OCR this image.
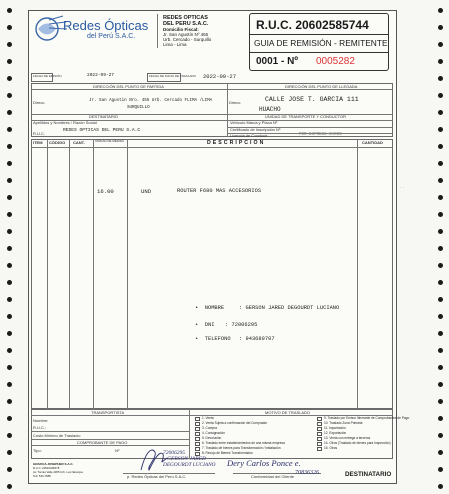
Redes Ópticas
del Perú S.A.C.
REDES OPTICAS
DEL PERU S.A.C.
Domicilio Fiscal:
Jr. San Agustín Nº 455
Urb. Cercado - Surquillo
Lima - Lima
R.U.C. 20602585744
GUIA DE REMISIÓN - REMITENTE
0001 - Nº 0005282
FECHA DE EMISIÓN	2022-09-27	FECHA DE INICIO DE TRASLADO 2022-09-27
DIRECCIÓN DEL PUNTO DE PARTIDA	DIRECCIÓN DEL PUNTO DE LLEGADA
Direcc.	Jr. San Agustin Nro. 455 Urb. Cercado FLIMA /LIMA
SURQUILLO
Direcc.	CALLE JOSE T. GARCIA 111
HUACHO
DESTINATARIO	UNIDAD DE TRANSPORTE Y CONDUCTOR
Apellidos y Nombres / Razón Social
R.U.C.
REDES OPTICAS DEL PERU S.A.C
Vehículo Marca y Placa Nº
Certificado de Inscripción Nº
Licencia de Conducir	POR EXPRESS CARGO
ITEM CÓDIGO CANT.	UNIDAD DE MEDIDA	D E S C R I P C I Ó N	CANTIDAD
16.00	UND	ROUTER F680 MAS ACCESORIOS
•  NOMBRE	: GERSON JARED DEGOURDT LUCIANO
•  DNI : 72006295
•  TELEFONO : 943689707
TRANSPORTISTA	MOTIVO DE TRASLADO
Nombre:
R.U.C.:
Costo Mínimo de Traslado:
COMPROBANTE DE PAGO
Tipo:	Nº
1. Venta
2. Venta Sujeta a confirmación del Comprador
3. Compra
4. Consignación
5. Devolución
6. Traslado entre establecimientos de una misma empresa
7. Traslado de bienes para Transformación / Instalación
8. Recojo de Bienes Transformados
9. Traslado por Emisor Itinerante de Comprobantes de Pago
10. Traslado Zona Primaria
11. Importación
12. Exportación
13. Venta con entrega a terceros
14. Otros (Traslado de bienes para Inspección)
15. Otros
GRAFICA JOSEPHER S.A.C.
R.U.C. 20510048478
Av. Tomás Valle 4455 Urb. Los Naranjos
Telf. 533-7588	p. Redes Ópticas del Perú S.A.C.	Conformidad del Cliente	DESTINATARIO
72006295
GERSON JARED
DEGOURDT LUCIANO Dery Carlos Ponce e.
70836326
˙ ˙
